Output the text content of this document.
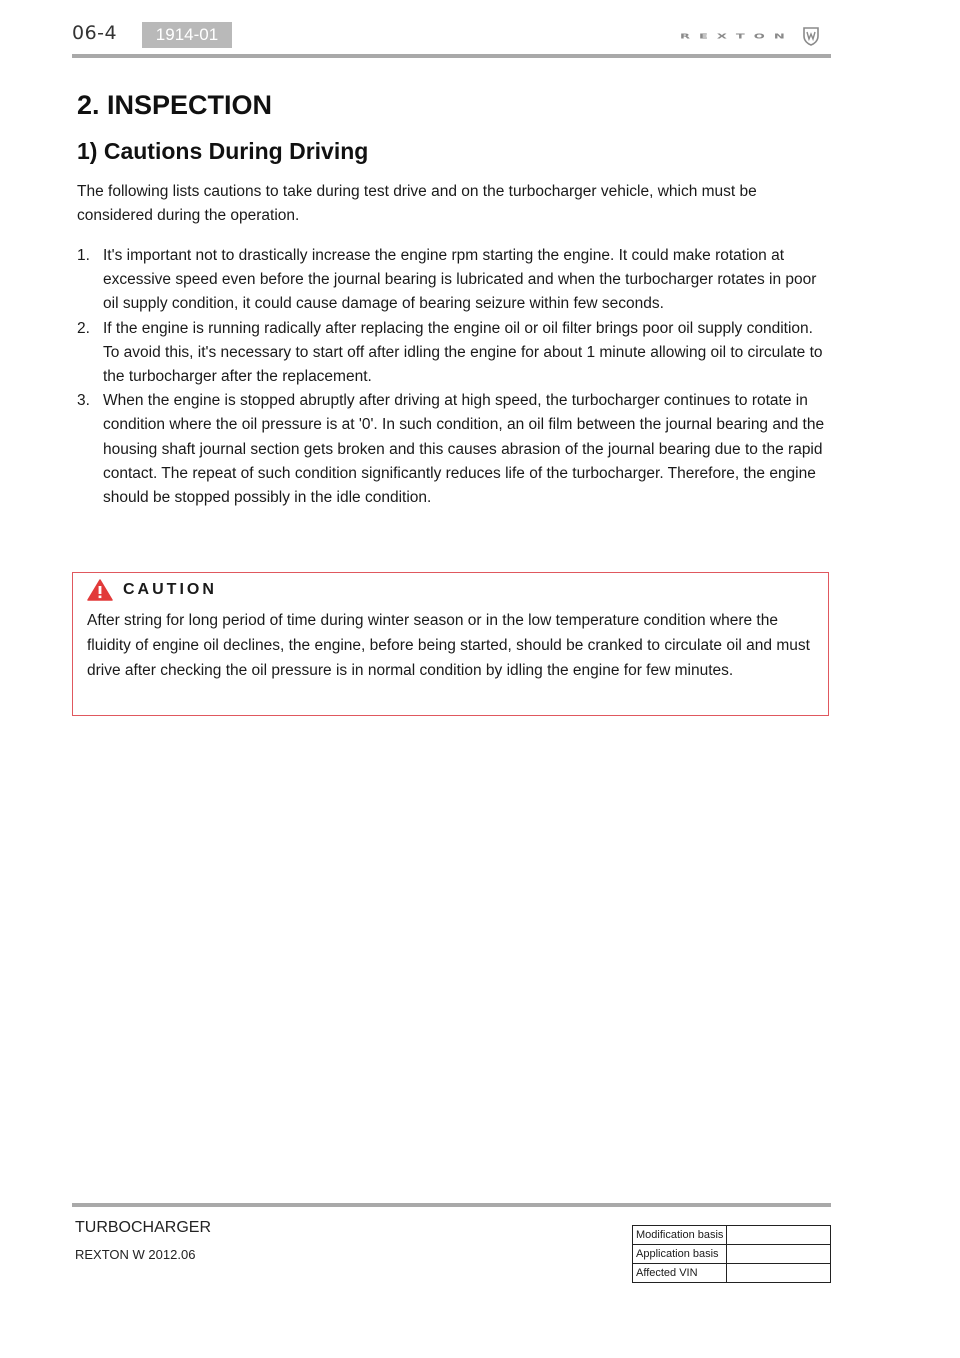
06-4	1914-01	REXTON
2. INSPECTION
1) Cautions During Driving

The following lists cautions to take during test drive and on the turbocharger vehicle, which must be considered during the operation.

1. It's important not to drastically increase the engine rpm starting the engine. It could make rotation at excessive speed even before the journal bearing is lubricated and when the turbocharger rotates in poor oil supply condition, it could cause damage of bearing seizure within few seconds.
2. If the engine is running radically after replacing the engine oil or oil filter brings poor oil supply condition. To avoid this, it's necessary to start off after idling the engine for about 1 minute allowing oil to circulate to the turbocharger after the replacement.
3. When the engine is stopped abruptly after driving at high speed, the turbocharger continues to rotate in condition where the oil pressure is at '0'. In such condition, an oil film between the journal bearing and the housing shaft journal section gets broken and this causes abrasion of the journal bearing due to the rapid contact. The repeat of such condition significantly reduces life of the turbocharger. Therefore, the engine should be stopped possibly in the idle condition.
CAUTION

After string for long period of time during winter season or in the low temperature condition where the fluidity of engine oil declines, the engine, before being started, should be cranked to circulate oil and must drive after checking the oil pressure is in normal condition by idling the engine for few minutes.

TURBOCHARGER
REXTON W 2012.06
Modification basis	
Application basis	
Affected VIN	
